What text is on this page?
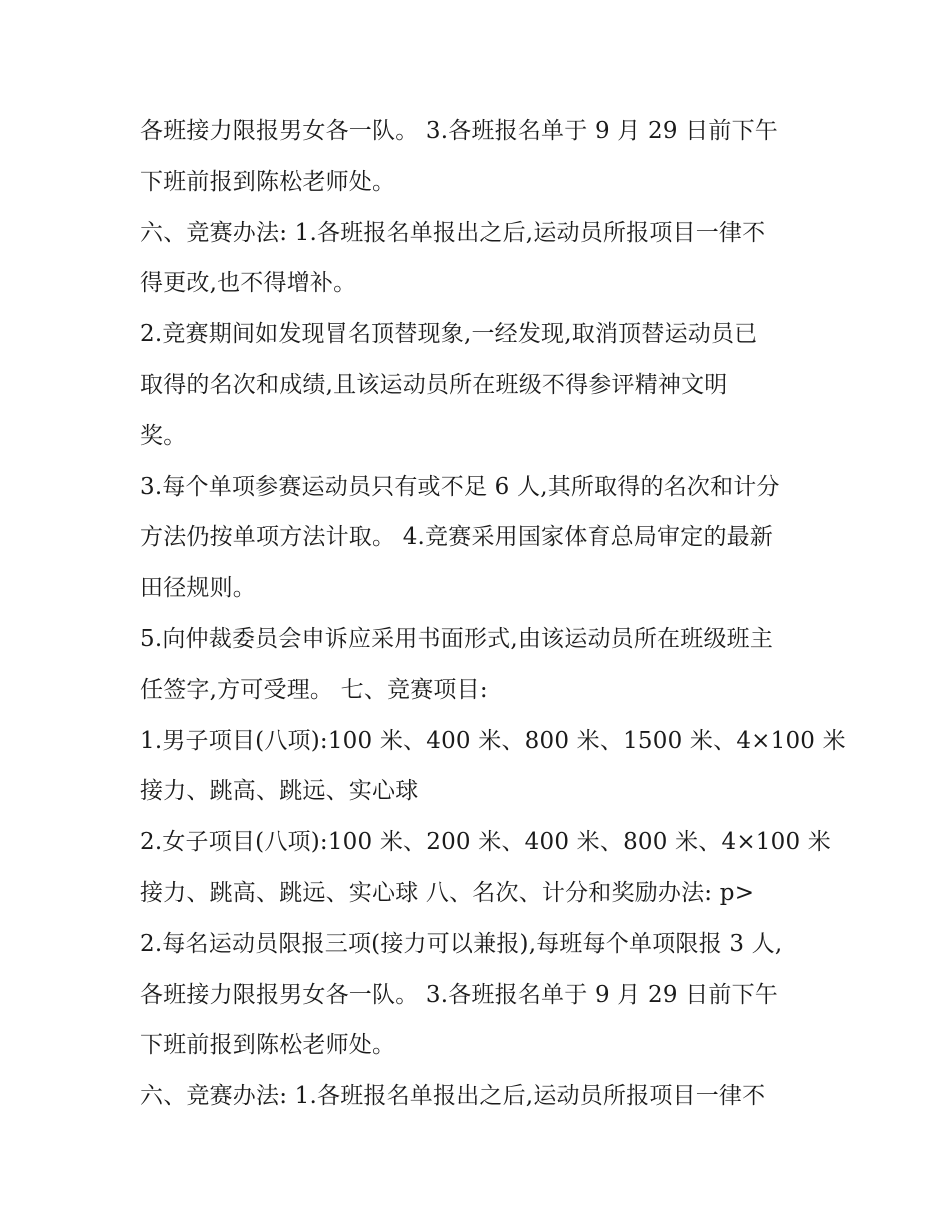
各班接力限报男女各一队。 3.各班报名单于 9 月 29 日前下午
下班前报到陈松老师处。
六、竞赛办法: 1.各班报名单报出之后,运动员所报项目一律不
得更改,也不得增补。
2.竞赛期间如发现冒名顶替现象,一经发现,取消顶替运动员已
取得的名次和成绩,且该运动员所在班级不得参评精神文明
奖。
3.每个单项参赛运动员只有或不足 6 人,其所取得的名次和计分
方法仍按单项方法计取。 4.竞赛采用国家体育总局审定的最新
田径规则。
5.向仲裁委员会申诉应采用书面形式,由该运动员所在班级班主
任签字,方可受理。 七、竞赛项目:
1.男子项目(八项):100 米、400 米、800 米、1500 米、4×100 米
接力、跳高、跳远、实心球
2.女子项目(八项):100 米、200 米、400 米、800 米、4×100 米
接力、跳高、跳远、实心球 八、名次、计分和奖励办法: p>
2.每名运动员限报三项(接力可以兼报),每班每个单项限报 3 人,
各班接力限报男女各一队。 3.各班报名单于 9 月 29 日前下午
下班前报到陈松老师处。
六、竞赛办法: 1.各班报名单报出之后,运动员所报项目一律不
